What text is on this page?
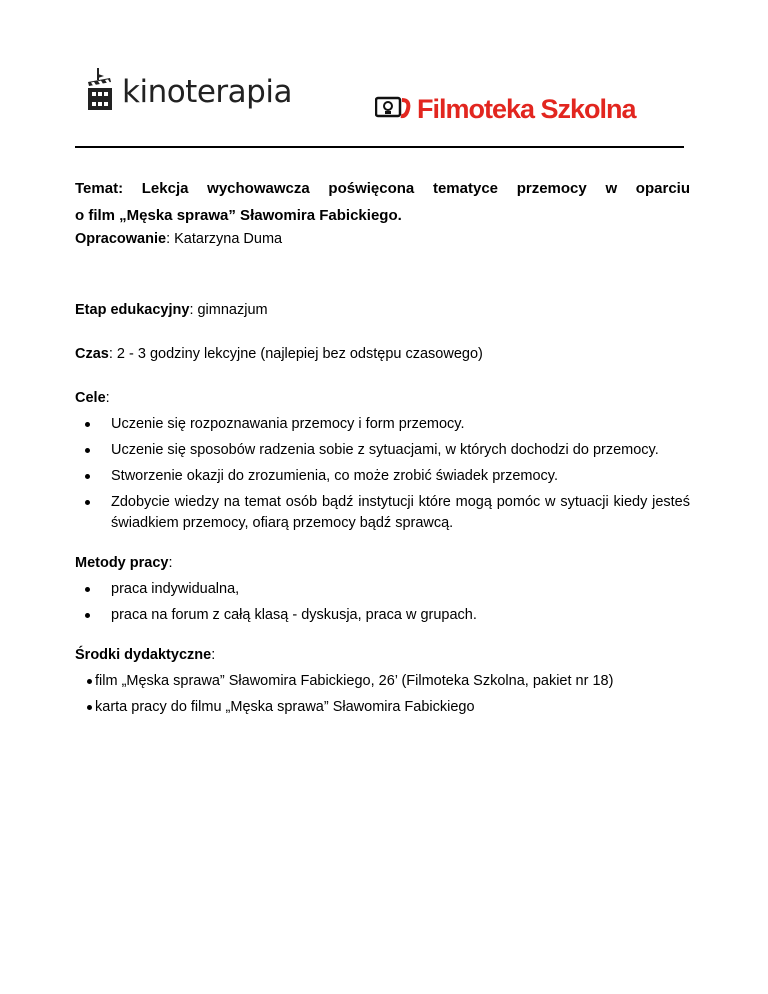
kinoterapia	Filmoteka Szkolna
Temat: Lekcja wychowawcza poświęcona tematyce przemocy w oparciu
o film „Męska sprawa” Sławomira Fabickiego.
Opracowanie: Katarzyna Duma
Etap edukacyjny: gimnazjum
Czas: 2 - 3 godziny lekcyjne (najlepiej bez odstępu czasowego)
Cele:
Uczenie się rozpoznawania przemocy i form przemocy.
Uczenie się sposobów radzenia sobie z sytuacjami, w których dochodzi do przemocy.
Stworzenie okazji do zrozumienia, co może zrobić świadek przemocy.
Zdobycie wiedzy na temat osób bądź instytucji które mogą pomóc w sytuacji kiedy jesteś świadkiem przemocy, ofiarą przemocy bądź sprawcą.
Metody pracy:
praca indywidualna,
praca na forum z całą klasą - dyskusja, praca w grupach.
Środki dydaktyczne:
film „Męska sprawa” Sławomira Fabickiego, 26’ (Filmoteka Szkolna, pakiet nr 18)
karta pracy do filmu „Męska sprawa” Sławomira Fabickiego
